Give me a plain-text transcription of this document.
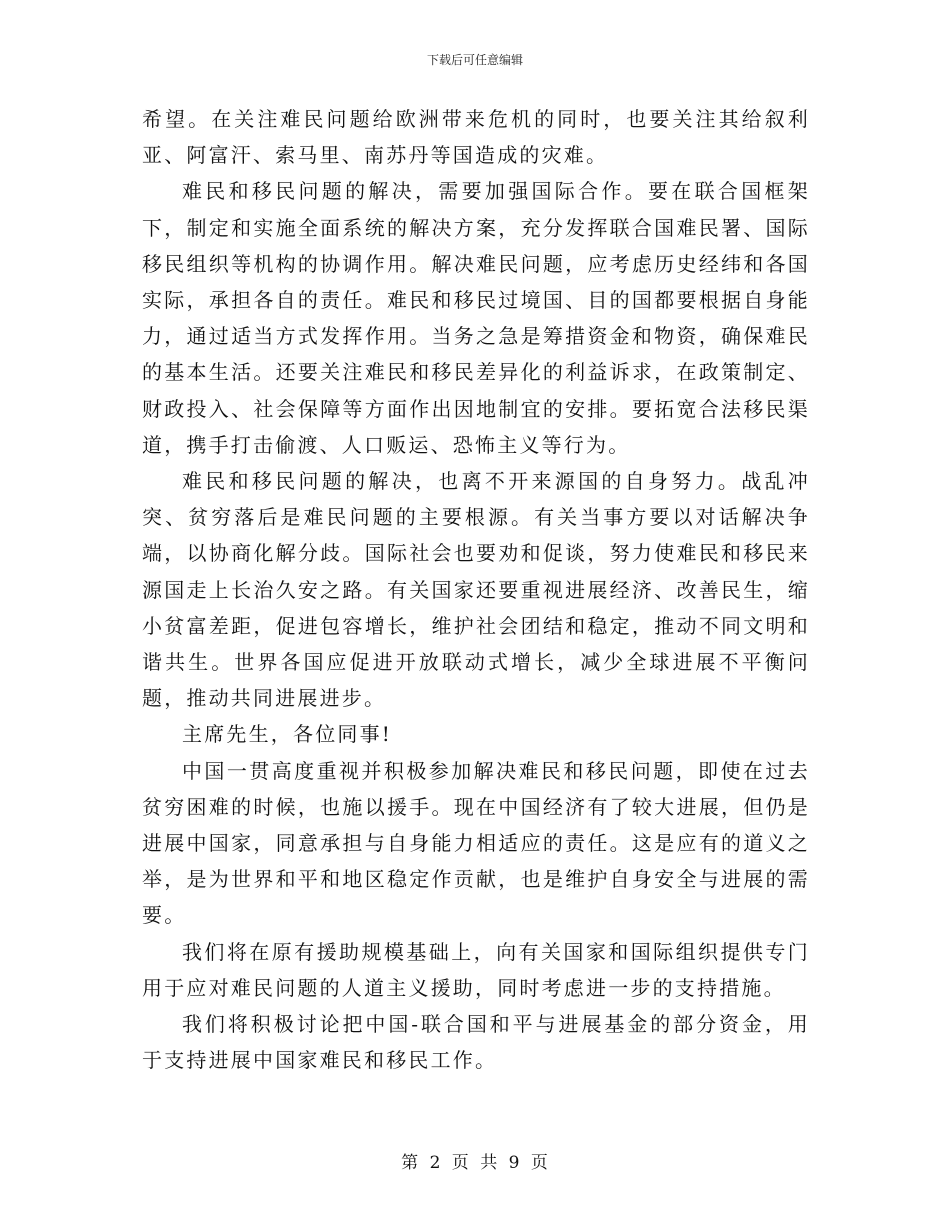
下载后可任意编辑

希望。在关注难民问题给欧洲带来危机的同时，也要关注其给叙利亚、阿富汗、索马里、南苏丹等国造成的灾难。

难民和移民问题的解决，需要加强国际合作。要在联合国框架下，制定和实施全面系统的解决方案，充分发挥联合国难民署、国际移民组织等机构的协调作用。解决难民问题，应考虑历史经纬和各国实际，承担各自的责任。难民和移民过境国、目的国都要根据自身能力，通过适当方式发挥作用。当务之急是筹措资金和物资，确保难民的基本生活。还要关注难民和移民差异化的利益诉求，在政策制定、财政投入、社会保障等方面作出因地制宜的安排。要拓宽合法移民渠道，携手打击偷渡、人口贩运、恐怖主义等行为。

难民和移民问题的解决，也离不开来源国的自身努力。战乱冲突、贫穷落后是难民问题的主要根源。有关当事方要以对话解决争端，以协商化解分歧。国际社会也要劝和促谈，努力使难民和移民来源国走上长治久安之路。有关国家还要重视进展经济、改善民生，缩小贫富差距，促进包容增长，维护社会团结和稳定，推动不同文明和谐共生。世界各国应促进开放联动式增长，减少全球进展不平衡问题，推动共同进展进步。

主席先生，各位同事!

中国一贯高度重视并积极参加解决难民和移民问题，即使在过去贫穷困难的时候，也施以援手。现在中国经济有了较大进展，但仍是进展中国家，同意承担与自身能力相适应的责任。这是应有的道义之举，是为世界和平和地区稳定作贡献，也是维护自身安全与进展的需要。

我们将在原有援助规模基础上，向有关国家和国际组织提供专门用于应对难民问题的人道主义援助，同时考虑进一步的支持措施。

我们将积极讨论把中国-联合国和平与进展基金的部分资金，用于支持进展中国家难民和移民工作。

第 2 页 共 9 页
